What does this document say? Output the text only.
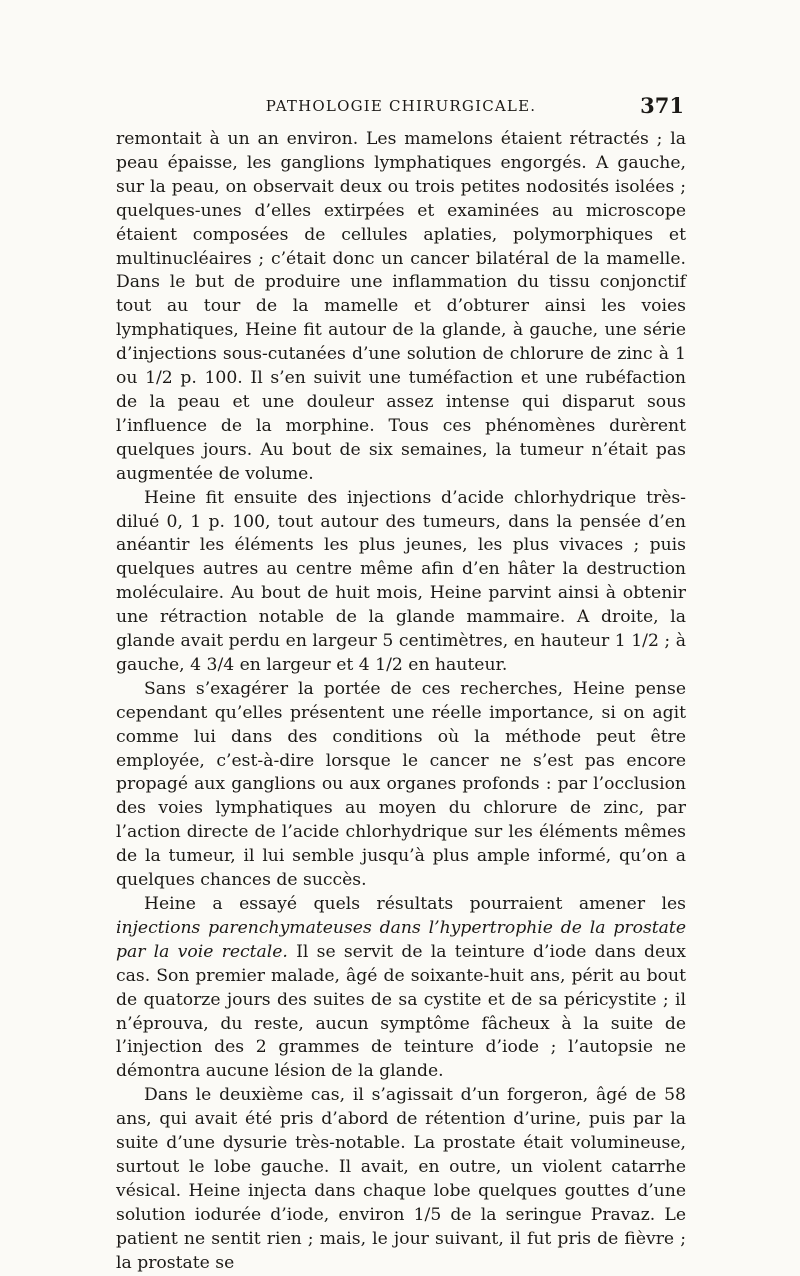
PATHOLOGIE CHIRURGICALE.	371

remontait à un an environ. Les mamelons étaient rétractés ; la peau épaisse, les ganglions lymphatiques engorgés. A gauche, sur la peau, on observait deux ou trois petites nodosités isolées ; quelques-unes d’elles extirpées et examinées au microscope étaient composées de cellules aplaties, polymorphiques et multinucléaires ; c’était donc un cancer bilatéral de la mamelle. Dans le but de produire une inflammation du tissu conjonctif tout au tour de la mamelle et d’obturer ainsi les voies lymphatiques, Heine fit autour de la glande, à gauche, une série d’injections sous-cutanées d’une solution de chlorure de zinc à 1 ou 1/2 p. 100. Il s’en suivit une tuméfaction et une rubéfaction de la peau et une douleur assez intense qui disparut sous l’influence de la morphine. Tous ces phénomènes durèrent quelques jours. Au bout de six semaines, la tumeur n’était pas augmentée de volume.

Heine fit ensuite des injections d’acide chlorhydrique très-dilué 0, 1 p. 100, tout autour des tumeurs, dans la pensée d’en anéantir les éléments les plus jeunes, les plus vivaces ; puis quelques autres au centre même afin d’en hâter la destruction moléculaire. Au bout de huit mois, Heine parvint ainsi à obtenir une rétraction notable de la glande mammaire. A droite, la glande avait perdu en largeur 5 centimètres, en hauteur 1 1/2 ; à gauche, 4 3/4 en largeur et 4 1/2 en hauteur.

Sans s’exagérer la portée de ces recherches, Heine pense cependant qu’elles présentent une réelle importance, si on agit comme lui dans des conditions où la méthode peut être employée, c’est-à-dire lorsque le cancer ne s’est pas encore propagé aux ganglions ou aux organes profonds : par l’occlusion des voies lymphatiques au moyen du chlorure de zinc, par l’action directe de l’acide chlorhydrique sur les éléments mêmes de la tumeur, il lui semble jusqu’à plus ample informé, qu’on a quelques chances de succès.

Heine a essayé quels résultats pourraient amener les injections parenchymateuses dans l’hypertrophie de la prostate par la voie rectale. Il se servit de la teinture d’iode dans deux cas. Son premier malade, âgé de soixante-huit ans, périt au bout de quatorze jours des suites de sa cystite et de sa péricystite ; il n’éprouva, du reste, aucun symptôme fâcheux à la suite de l’injection des 2 grammes de teinture d’iode ; l’autopsie ne démontra aucune lésion de la glande.

Dans le deuxième cas, il s’agissait d’un forgeron, âgé de 58 ans, qui avait été pris d’abord de rétention d’urine, puis par la suite d’une dysurie très-notable. La prostate était volumineuse, surtout le lobe gauche. Il avait, en outre, un violent catarrhe vésical. Heine injecta dans chaque lobe quelques gouttes d’une solution iodurée d’iode, environ 1/5 de la seringue Pravaz. Le patient ne sentit rien ; mais, le jour suivant, il fut pris de fièvre ; la prostate se
